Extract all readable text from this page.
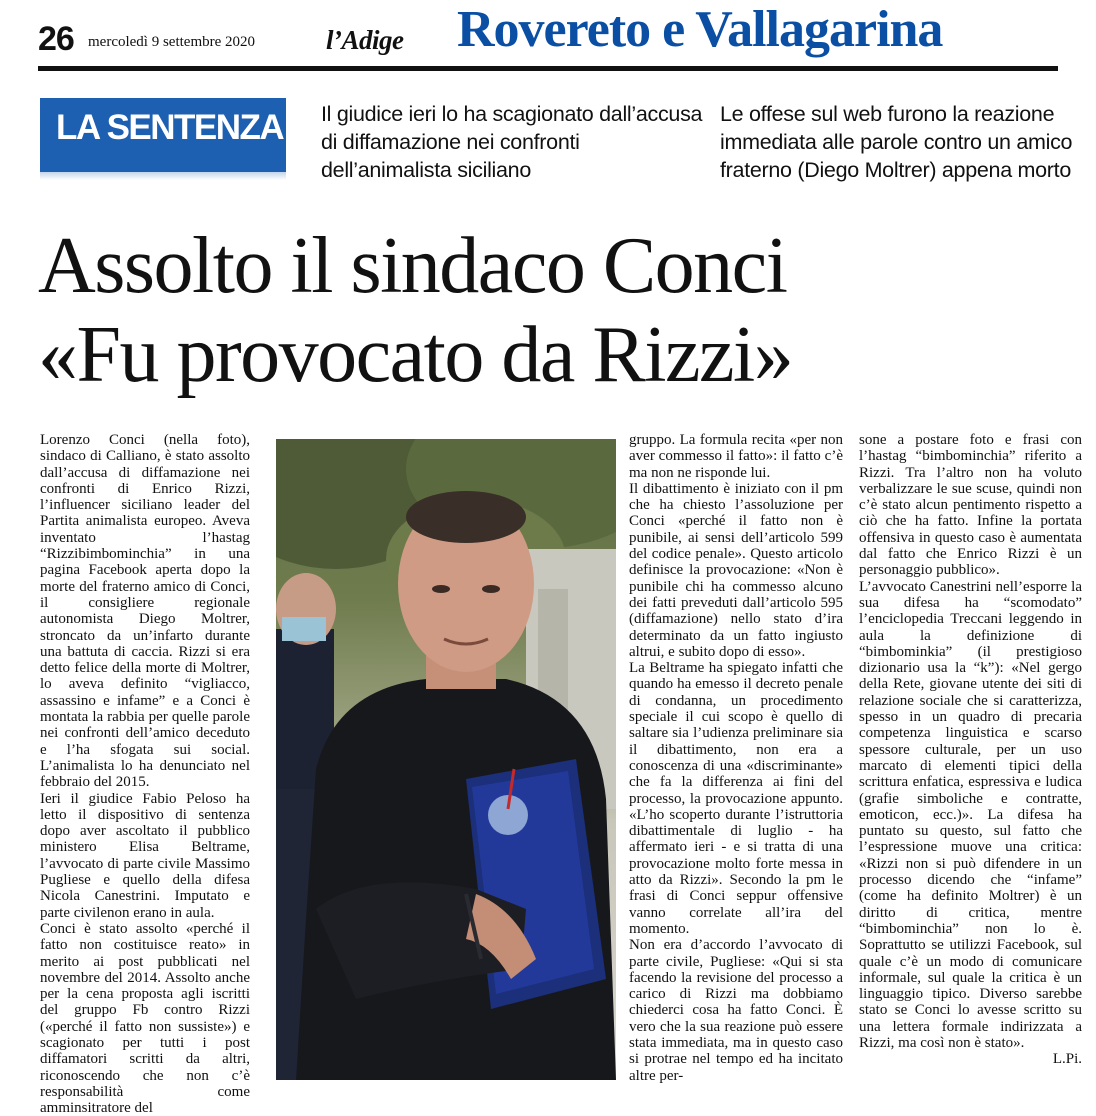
26 mercoledì 9 settembre 2020	l’Adige Rovereto e Vallagarina
LA SENTENZA Il giudice ieri lo ha scagionato dall’accusa di diffamazione nei confronti dell’animalista siciliano
Le offese sul web furono la reazione immediata alle parole contro un amico fraterno (Diego Moltrer) appena morto
Assolto il sindaco Conci
«Fu provocato da Rizzi»

Lorenzo Conci (nella foto), sindaco di Calliano, è stato assolto dall’accusa di diffamazione nei confronti di Enrico Rizzi, l’influencer siciliano leader del Partita animalista europeo. Aveva inventato l’hastag “Rizzibimbominchia” in una pagina Facebook aperta dopo la morte del fraterno amico di Conci, il consigliere regionale autonomista Diego Moltrer, stroncato da un’infarto durante una battuta di caccia. Rizzi si era detto felice della morte di Moltrer, lo aveva definito “vigliacco, assassino e infame” e a Conci è montata la rabbia per quelle parole nei confronti dell’amico deceduto e l’ha sfogata sui social. L’animalista lo ha denunciato nel febbraio del 2015.

Ieri il giudice Fabio Peloso ha letto il dispositivo di sentenza dopo aver ascoltato il pubblico ministero Elisa Beltrame, l’avvocato di parte civile Massimo Pugliese e quello della difesa Nicola Canestrini. Imputato e parte civilenon erano in aula.

Conci è stato assolto «perché il fatto non costituisce reato» in merito ai post pubblicati nel novembre del 2014. Assolto anche per la cena proposta agli iscritti del gruppo Fb contro Rizzi («perché il fatto non sussiste») e scagionato per tutti i post diffamatori scritti da altri, riconoscendo che non c’è responsabilità come amminsitratore del

gruppo. La formula recita «per non aver commesso il fatto»: il fatto c’è ma non ne risponde lui.

Il dibattimento è iniziato con il pm che ha chiesto l’assoluzione per Conci «perché il fatto non è punibile, ai sensi dell’articolo 599 del codice penale». Questo articolo definisce la provocazione: «Non è punibile chi ha commesso alcuno dei fatti preveduti dall’articolo 595 (diffamazione) nello stato d’ira determinato da un fatto ingiusto altrui, e subito dopo di esso».

La Beltrame ha spiegato infatti che quando ha emesso il decreto penale di condanna, un procedimento speciale il cui scopo è quello di saltare sia l’udienza preliminare sia il dibattimento, non era a conoscenza di una «discriminante» che fa la differenza ai fini del processo, la provocazione appunto. «L’ho scoperto durante l’istruttoria dibattimentale di luglio - ha affermato ieri - e si tratta di una provocazione molto forte messa in atto da Rizzi». Secondo la pm le frasi di Conci seppur offensive vanno correlate all’ira del momento.

Non era d’accordo l’avvocato di parte civile, Pugliese: «Qui si sta facendo la revisione del processo a carico di Rizzi ma dobbiamo chiederci cosa ha fatto Conci. È vero che la sua reazione può essere stata immediata, ma in questo caso si protrae nel tempo ed ha incitato altre per-

sone a postare foto e frasi con l’hastag “bimbominchia” riferito a Rizzi. Tra l’altro non ha voluto verbalizzare le sue scuse, quindi non c’è stato alcun pentimento rispetto a ciò che ha fatto. Infine la portata offensiva in questo caso è aumentata dal fatto che Enrico Rizzi è un personaggio pubblico».

L’avvocato Canestrini nell’esporre la sua difesa ha “scomodato” l’enciclopedia Treccani leggendo in aula la definizione di “bimbominkia” (il prestigioso dizionario usa la “k”): «Nel gergo della Rete, giovane utente dei siti di relazione sociale che si caratterizza, spesso in un quadro di precaria competenza linguistica e scarso spessore culturale, per un uso marcato di elementi tipici della scrittura enfatica, espressiva e ludica (grafie simboliche e contratte, emoticon, ecc.)». La difesa ha puntato su questo, sul fatto che l’espressione muove una critica: «Rizzi non si può difendere in un processo dicendo che “infame” (come ha definito Moltrer) è un diritto di critica, mentre “bimbominchia” non lo è. Soprattutto se utilizzi Facebook, sul quale c’è un modo di comunicare informale, sul quale la critica è un linguaggio tipico. Diverso sarebbe stato se Conci lo avesse scritto su una lettera formale indirizzata a Rizzi, ma così non è stato».

L.Pi.
